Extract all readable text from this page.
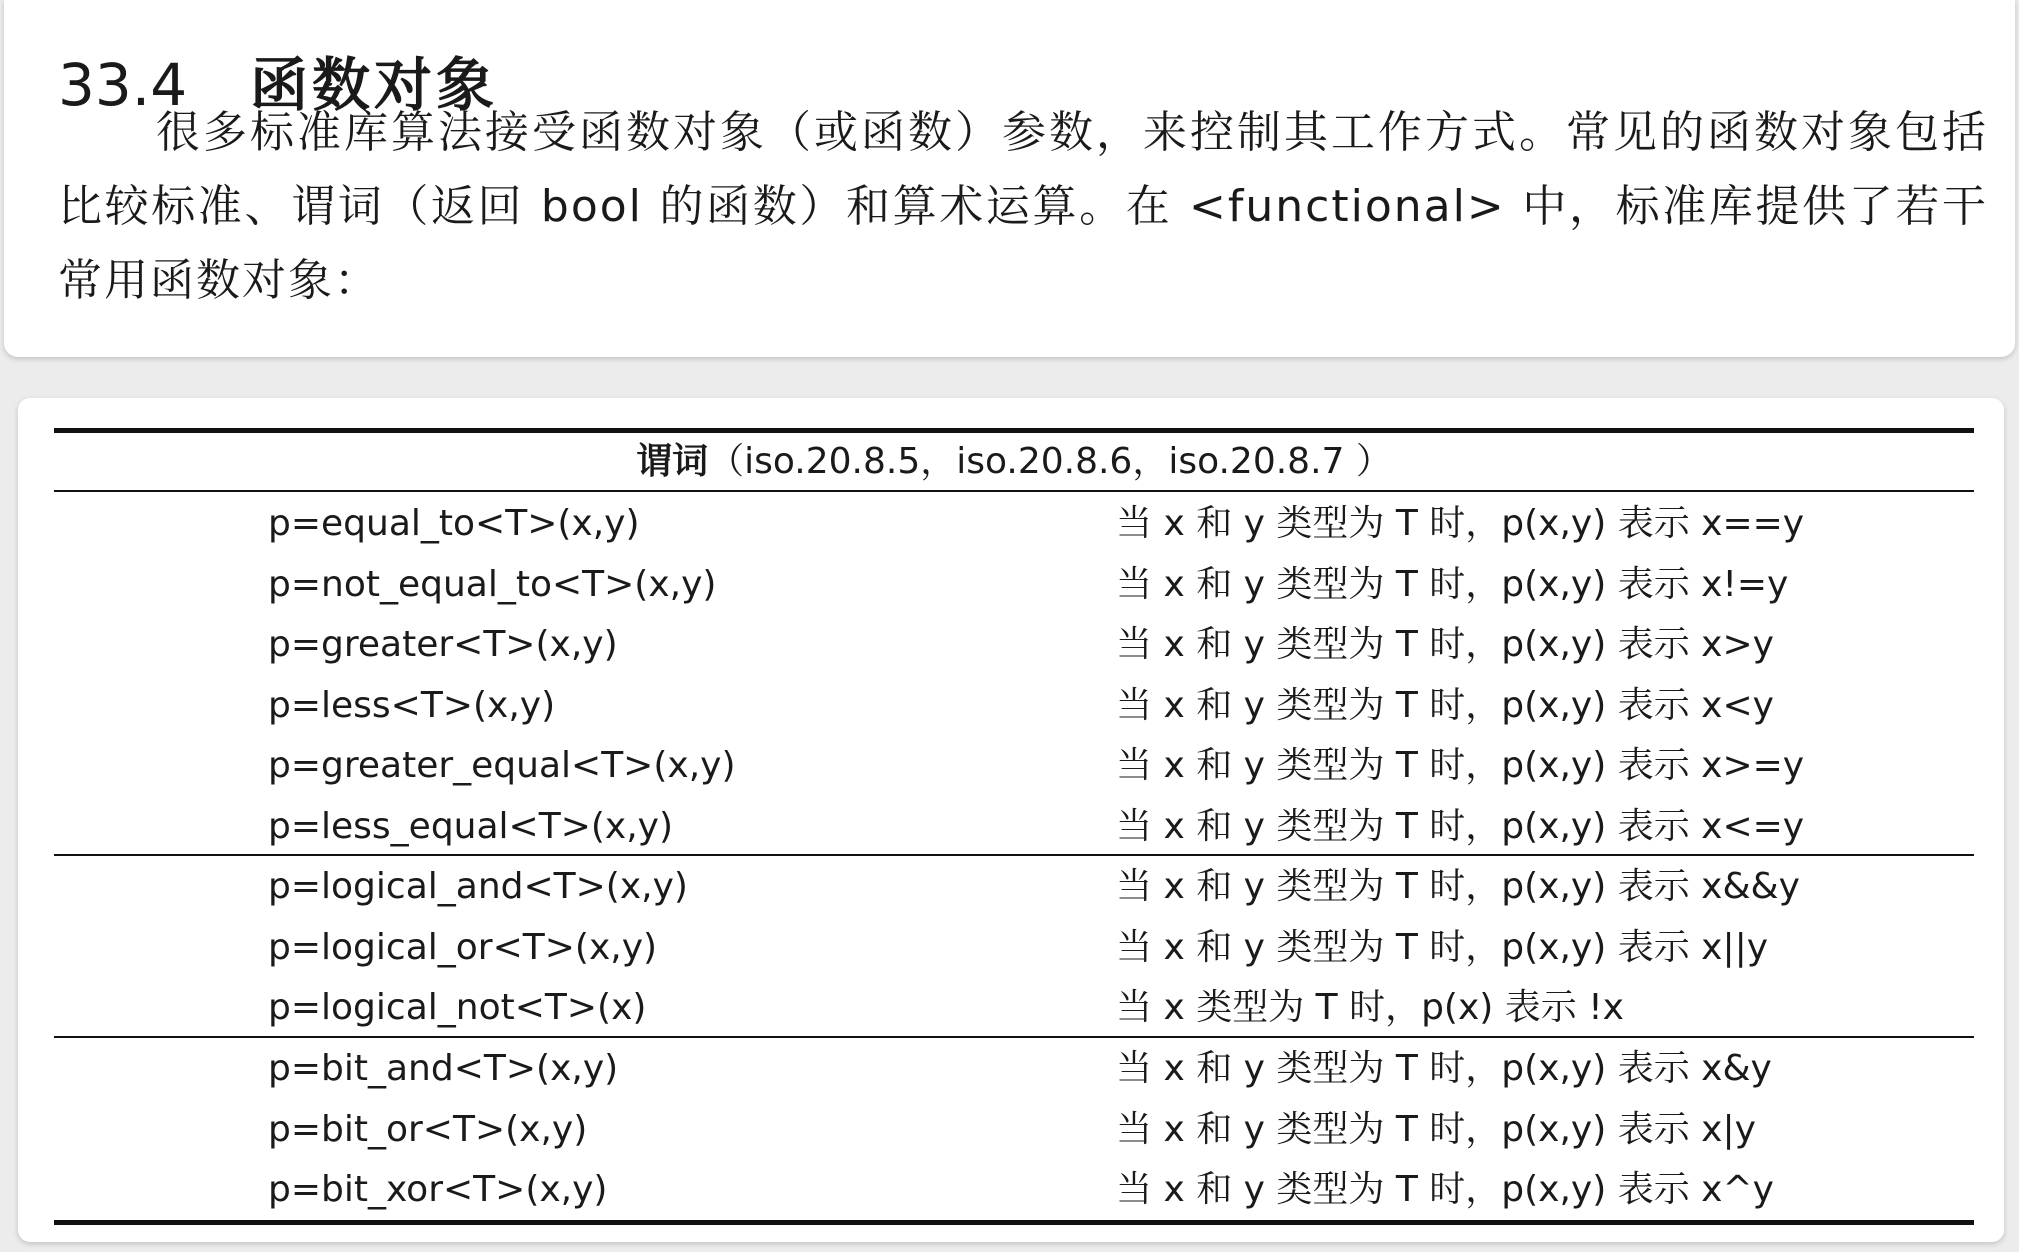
33.4 函数对象

很多标准库算法接受函数对象（或函数）参数，来控制其工作方式。常见的函数对象包括比较标准、谓词（返回 bool 的函数）和算术运算。在 <functional> 中，标准库提供了若干常用函数对象：

谓词（iso.20.8.5，iso.20.8.6，iso.20.8.7 ）
p=equal_to<T>(x,y)	当 x 和 y 类型为 T 时，p(x,y) 表示 x==y
p=not_equal_to<T>(x,y)	当 x 和 y 类型为 T 时，p(x,y) 表示 x!=y
p=greater<T>(x,y)	当 x 和 y 类型为 T 时，p(x,y) 表示 x>y
p=less<T>(x,y)	当 x 和 y 类型为 T 时，p(x,y) 表示 x<y
p=greater_equal<T>(x,y)	当 x 和 y 类型为 T 时，p(x,y) 表示 x>=y
p=less_equal<T>(x,y)	当 x 和 y 类型为 T 时，p(x,y) 表示 x<=y
p=logical_and<T>(x,y)	当 x 和 y 类型为 T 时，p(x,y) 表示 x&&y
p=logical_or<T>(x,y)	当 x 和 y 类型为 T 时，p(x,y) 表示 x||y
p=logical_not<T>(x)	当 x 类型为 T 时，p(x) 表示 !x
p=bit_and<T>(x,y)	当 x 和 y 类型为 T 时，p(x,y) 表示 x&y
p=bit_or<T>(x,y)	当 x 和 y 类型为 T 时，p(x,y) 表示 x|y
p=bit_xor<T>(x,y)	当 x 和 y 类型为 T 时，p(x,y) 表示 x^y
